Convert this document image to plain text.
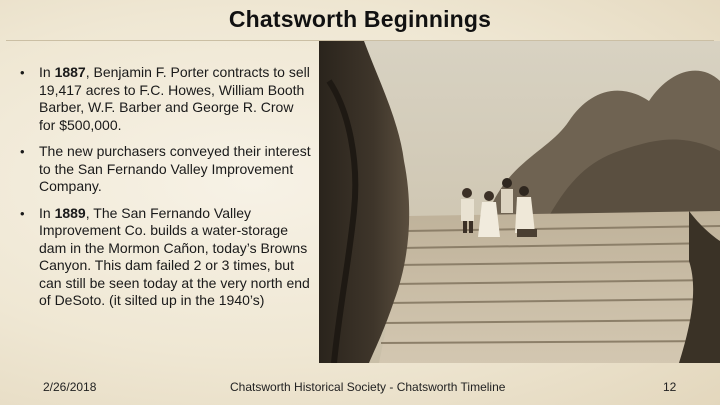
Chatsworth Beginnings
• In 1887, Benjamin F. Porter contracts to sell 19,417 acres to F.C. Howes, William Booth Barber, W.F. Barber and George R. Crow for $500,000.
• The new purchasers conveyed their interest to the San Fernando Valley Improvement Company.
• In 1889, The San Fernando Valley Improvement Co. builds a water-storage dam in the Mormon Cañon, today’s Browns Canyon. This dam failed 2 or 3 times, but can still be seen today at the very north end of DeSoto. (it silted up in the 1940’s)
2/26/2018	Chatsworth Historical Society - Chatsworth Timeline	12
